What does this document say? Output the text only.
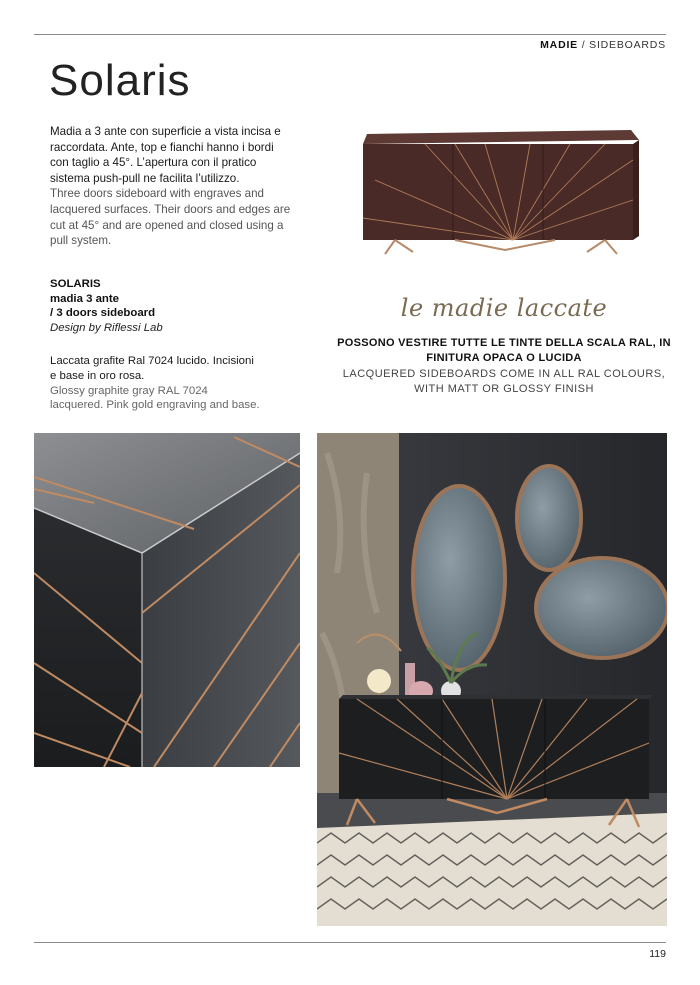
MADIE / SIDEBOARDS
Solaris
Madia a 3 ante con superficie a vista incisa e raccordata. Ante, top e fianchi hanno i bordi con taglio a 45°. L’apertura con il pratico sistema push-pull ne facilita l’utilizzo.
Three doors sideboard with engraves and lacquered surfaces. Their doors and edges are cut at 45° and are opened and closed using a pull system.
SOLARIS
madia 3 ante
/ 3 doors sideboard
Design by Riflessi Lab
Laccata grafite Ral 7024 lucido. Incisioni e base in oro rosa.
Glossy graphite gray RAL 7024 lacquered. Pink gold engraving and base.
le madie laccate
POSSONO VESTIRE TUTTE LE TINTE DELLA SCALA RAL, IN FINITURA OPACA O LUCIDA
LACQUERED SIDEBOARDS COME IN ALL RAL COLOURS, WITH MATT OR GLOSSY FINISH
119
